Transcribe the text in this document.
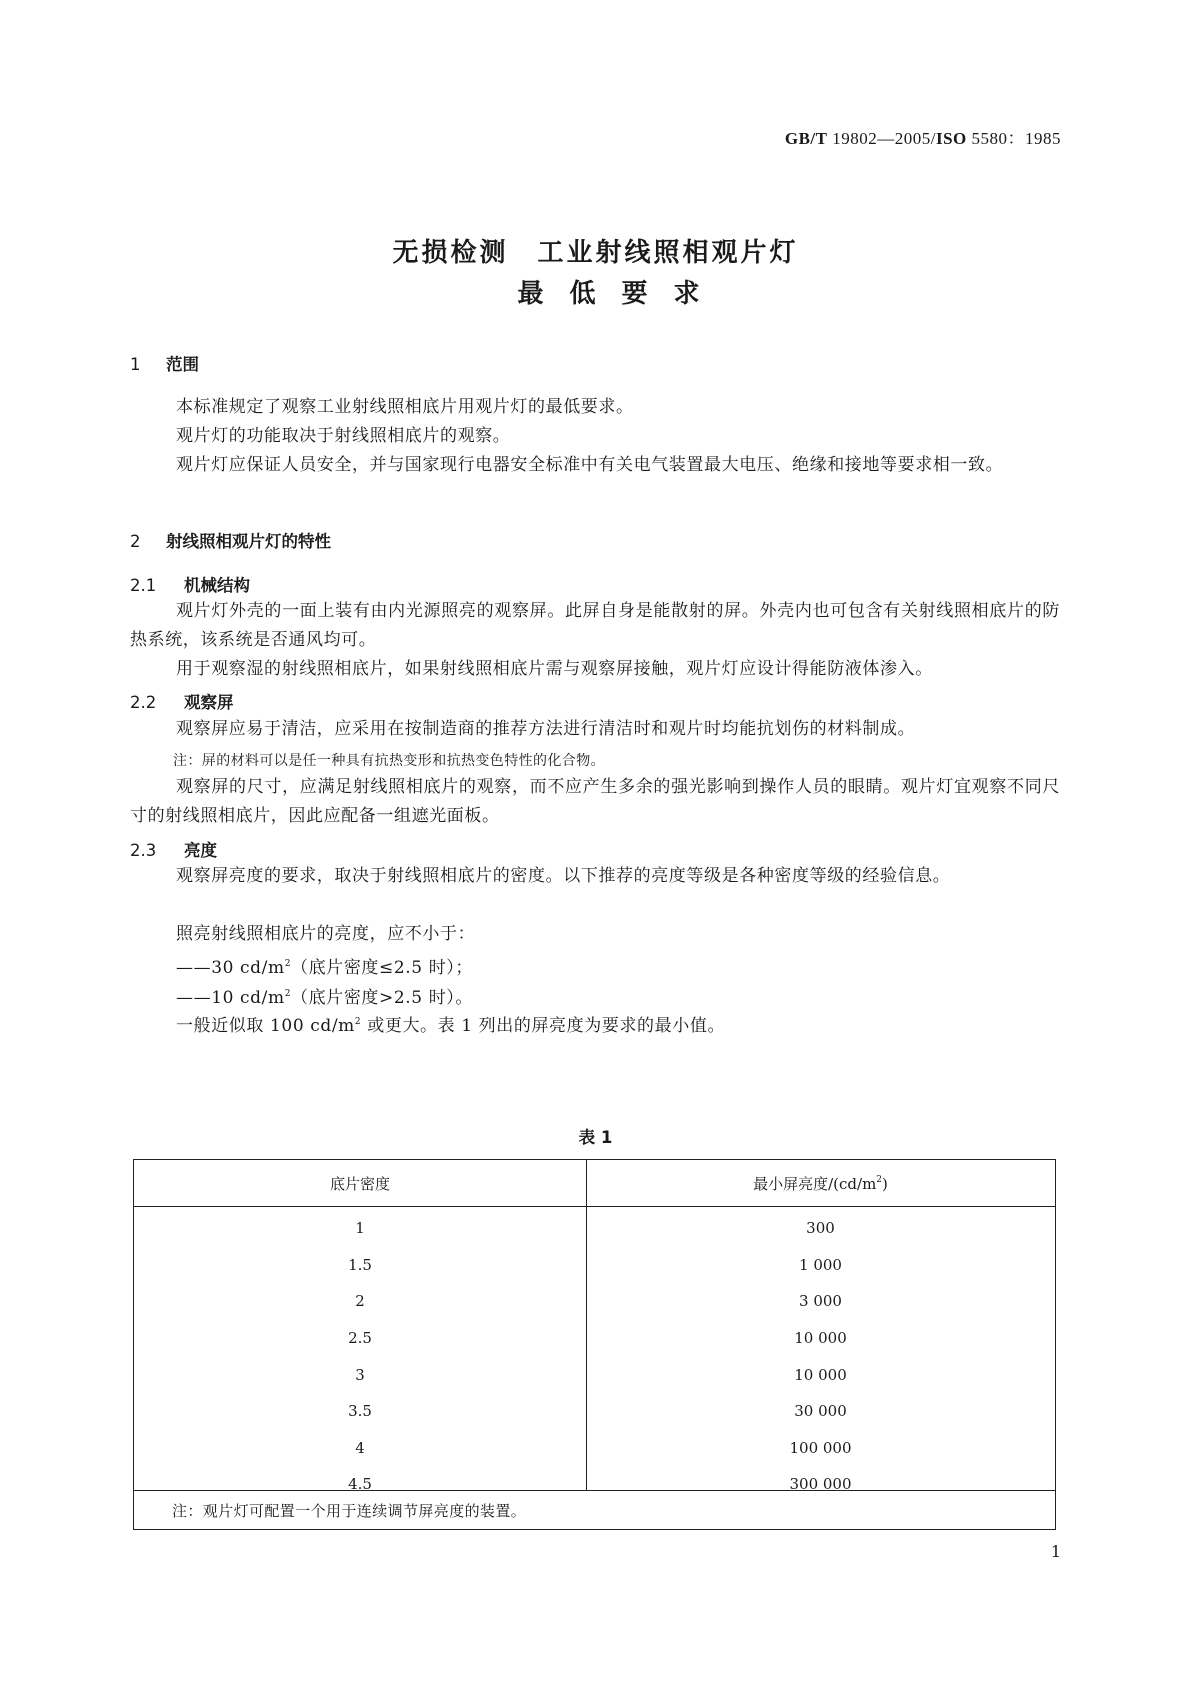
GB/T 19802—2005/ISO 5580：1985
无损检测　工业射线照相观片灯
最低要求
1 范围
本标准规定了观察工业射线照相底片用观片灯的最低要求。
观片灯的功能取决于射线照相底片的观察。
观片灯应保证人员安全，并与国家现行电器安全标准中有关电气装置最大电压、绝缘和接地等要求相一致。
2 射线照相观片灯的特性
2.1 机械结构
观片灯外壳的一面上装有由内光源照亮的观察屏。此屏自身是能散射的屏。外壳内也可包含有关射线照相底片的防热系统，该系统是否通风均可。
用于观察湿的射线照相底片，如果射线照相底片需与观察屏接触，观片灯应设计得能防液体渗入。
2.2 观察屏
观察屏应易于清洁，应采用在按制造商的推荐方法进行清洁时和观片时均能抗划伤的材料制成。
注：屏的材料可以是任一种具有抗热变形和抗热变色特性的化合物。
观察屏的尺寸，应满足射线照相底片的观察，而不应产生多余的强光影响到操作人员的眼睛。观片灯宜观察不同尺寸的射线照相底片，因此应配备一组遮光面板。
2.3 亮度
观察屏亮度的要求，取决于射线照相底片的密度。以下推荐的亮度等级是各种密度等级的经验信息。
照亮射线照相底片的亮度，应不小于：
——30 $cd/m^2$（底片密度≤2.5 时）；
——10 $cd/m^2$（底片密度>2.5 时）。
一般近似取 100 $cd/m^2$ 或更大。表 1 列出的屏亮度为要求的最小值。
表 1
底片密度	最小屏亮度$/(cd/m^2)$
1	300
1.5	1 000
2	3 000
2.5	10 000
3	10 000
3.5	30 000
4	100 000
4.5	300 000
注：观片灯可配置一个用于连续调节屏亮度的装置。
1
